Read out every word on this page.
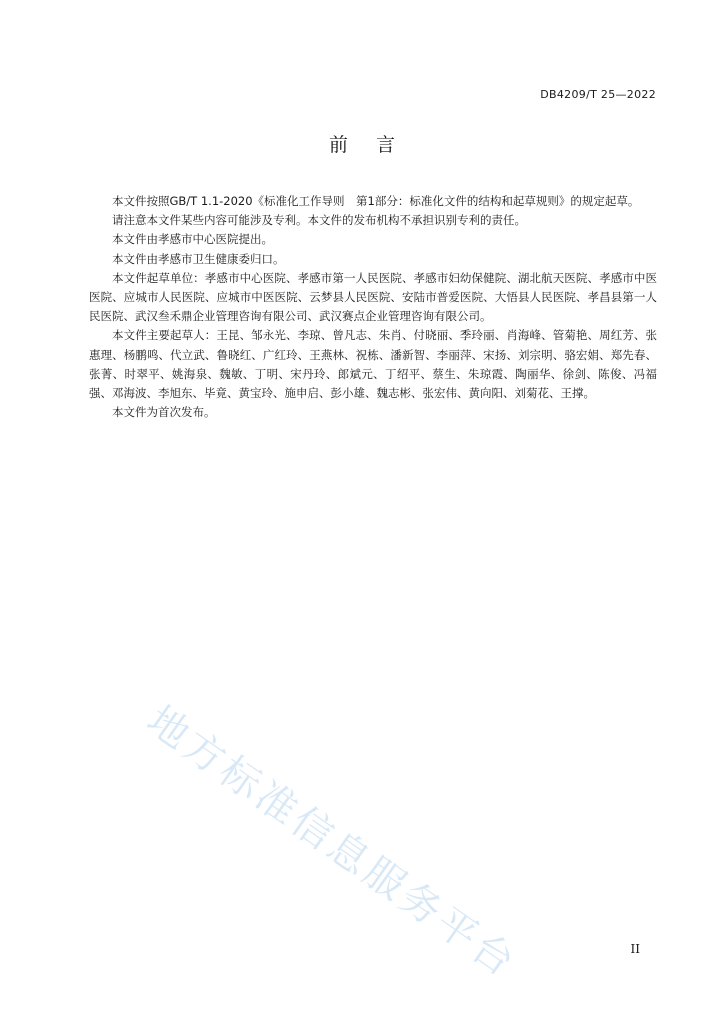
DB4209/T 25—2022
前言

本文件按照GB/T 1.1-2020《标准化工作导则　第1部分：标准化文件的结构和起草规则》的规定起草。

请注意本文件某些内容可能涉及专利。本文件的发布机构不承担识别专利的责任。

本文件由孝感市中心医院提出。

本文件由孝感市卫生健康委归口。

本文件起草单位：孝感市中心医院、孝感市第一人民医院、孝感市妇幼保健院、湖北航天医院、孝感市中医医院、应城市人民医院、应城市中医医院、云梦县人民医院、安陆市普爱医院、大悟县人民医院、孝昌县第一人民医院、武汉叁禾鼎企业管理咨询有限公司、武汉赛点企业管理咨询有限公司。

本文件主要起草人：王昆、邹永光、李琼、曾凡志、朱肖、付晓丽、季玲丽、肖海峰、管菊艳、周红芳、张惠理、杨鹏鸣、代立武、鲁晓红、广红玲、王燕林、祝栋、潘新智、李丽萍、宋扬、刘宗明、骆宏娟、郑先春、张菁、时翠平、姚海泉、魏敏、丁明、宋丹玲、郎斌元、丁绍平、蔡生、朱琼霞、陶丽华、徐剑、陈俊、冯福强、邓海波、李旭东、毕竟、黄宝玲、施申启、彭小雄、魏志彬、张宏伟、黄向阳、刘菊花、王撑。

本文件为首次发布。

地方标准信息服务平台	II
